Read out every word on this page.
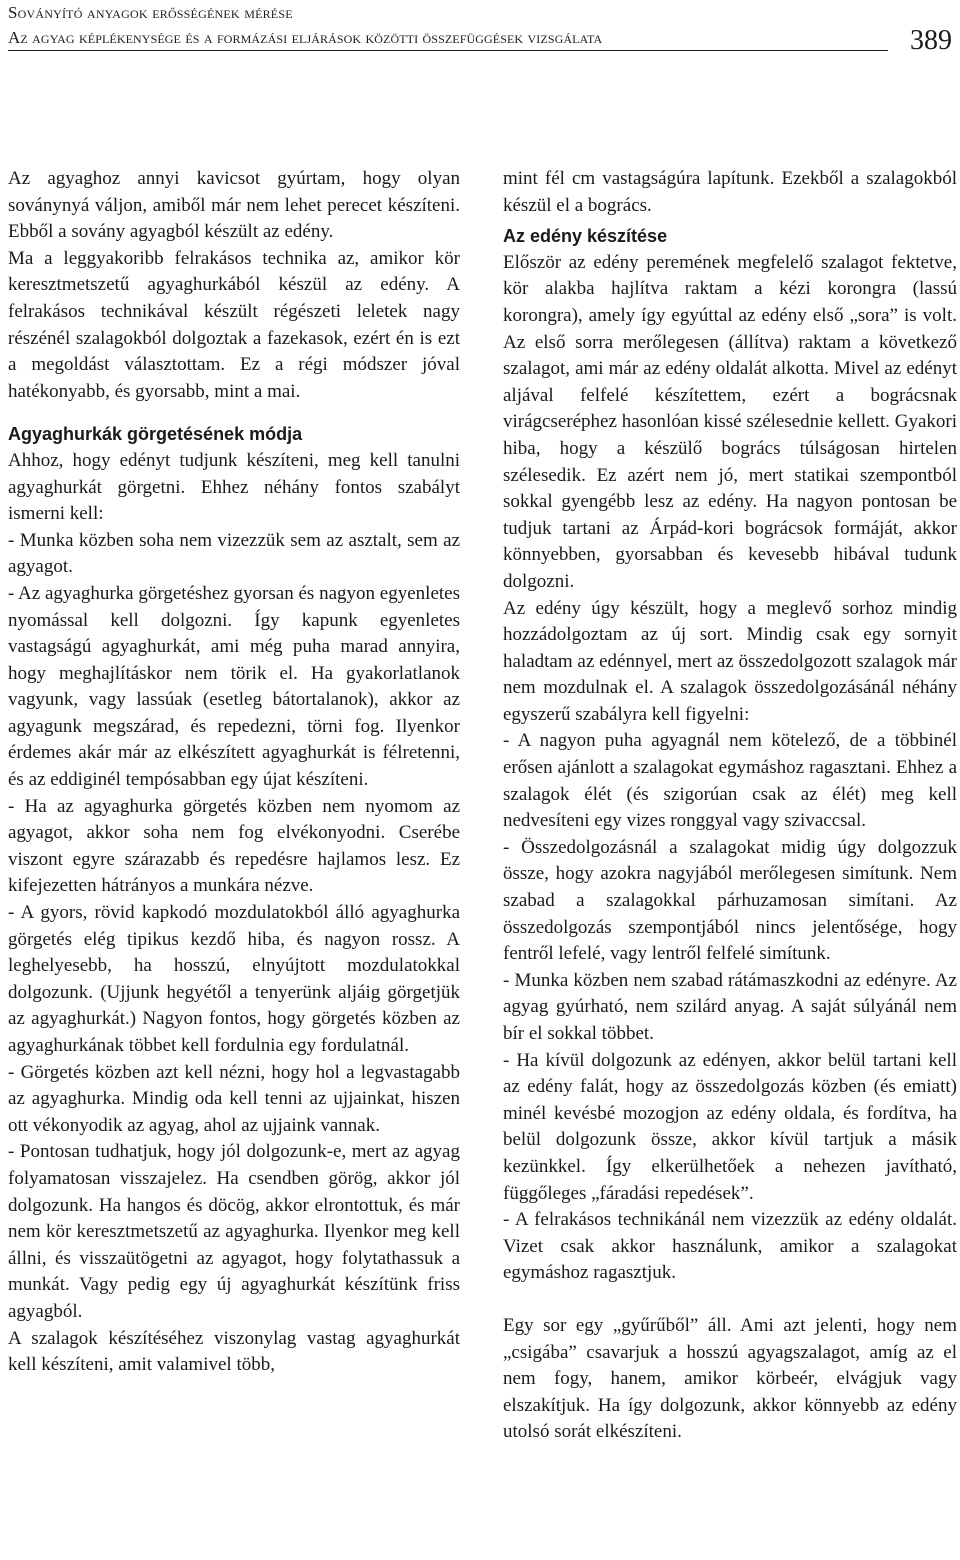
Soványító anyagok erősségének mérése
Az agyag képlékenysége és a formázási eljárások közötti összefüggések vizsgálata	389

Az agyaghoz annyi kavicsot gyúrtam, hogy olyan soványnyá váljon, amiből már nem lehet perecet készíteni. Ebből a sovány agyagból készült az edény.

Ma a leggyakoribb felrakásos technika az, amikor kör keresztmetszetű agyaghurkából készül az edény. A felrakásos technikával készült régészeti leletek nagy részénél szalagokból dolgoztak a fazekasok, ezért én is ezt a megoldást választottam. Ez a régi módszer jóval hatékonyabb, és gyorsabb, mint a mai.

Agyaghurkák görgetésének módja

Ahhoz, hogy edényt tudjunk készíteni, meg kell tanulni agyaghurkát görgetni. Ehhez néhány fontos szabályt ismerni kell:

- Munka közben soha nem vizezzük sem az asztalt, sem az agyagot.

- Az agyaghurka görgetéshez gyorsan és nagyon egyenletes nyomással kell dolgozni. Így kapunk egyenletes vastagságú agyaghurkát, ami még puha marad annyira, hogy meghajlításkor nem törik el. Ha gyakorlatlanok vagyunk, vagy lassúak (esetleg bátortalanok), akkor az agyagunk megszárad, és repedezni, törni fog. Ilyenkor érdemes akár már az elkészített agyaghurkát is félretenni, és az eddiginél tempósabban egy újat készíteni.

- Ha az agyaghurka görgetés közben nem nyomom az agyagot, akkor soha nem fog elvékonyodni. Cserébe viszont egyre szárazabb és repedésre hajlamos lesz. Ez kifejezetten hátrányos a munkára nézve.

- A gyors, rövid kapkodó mozdulatokból álló agyaghurka görgetés elég tipikus kezdő hiba, és nagyon rossz. A leghelyesebb, ha hosszú, elnyújtott mozdulatokkal dolgozunk. (Ujjunk hegyétől a tenyerünk aljáig görgetjük az agyaghurkát.) Nagyon fontos, hogy görgetés közben az agyaghurkának többet kell fordulnia egy fordulatnál.

- Görgetés közben azt kell nézni, hogy hol a legvastagabb az agyaghurka. Mindig oda kell tenni az ujjainkat, hiszen ott vékonyodik az agyag, ahol az ujjaink vannak.

- Pontosan tudhatjuk, hogy jól dolgozunk-e, mert az agyag folyamatosan visszajelez. Ha csendben görög, akkor jól dolgozunk. Ha hangos és döcög, akkor elrontottuk, és már nem kör keresztmetszetű az agyaghurka. Ilyenkor meg kell állni, és visszaütögetni az agyagot, hogy folytathassuk a munkát. Vagy pedig egy új agyaghurkát készítünk friss agyagból.

A szalagok készítéséhez viszonylag vastag agyaghurkát kell készíteni, amit valamivel több,

mint fél cm vastagságúra lapítunk. Ezekből a szalagokból készül el a bogrács.

Az edény készítése

Először az edény peremének megfelelő szalagot fektetve, kör alakba hajlítva raktam a kézi korongra (lassú korongra), amely így egyúttal az edény első „sora” is volt. Az első sorra merőlegesen (állítva) raktam a következő szalagot, ami már az edény oldalát alkotta. Mivel az edényt aljával felfelé készítettem, ezért a bográcsnak virágcseréphez hasonlóan kissé szélesednie kellett. Gyakori hiba, hogy a készülő bogrács túlságosan hirtelen szélesedik. Ez azért nem jó, mert statikai szempontból sokkal gyengébb lesz az edény. Ha nagyon pontosan be tudjuk tartani az Árpád-kori bográcsok formáját, akkor könnyebben, gyorsabban és kevesebb hibával tudunk dolgozni.

Az edény úgy készült, hogy a meglevő sorhoz mindig hozzádolgoztam az új sort. Mindig csak egy sornyit haladtam az edénnyel, mert az összedolgozott szalagok már nem mozdulnak el. A szalagok összedolgozásánál néhány egyszerű szabályra kell figyelni:

- A nagyon puha agyagnál nem kötelező, de a többinél erősen ajánlott a szalagokat egymáshoz ragasztani. Ehhez a szalagok élét (és szigorúan csak az élét) meg kell nedvesíteni egy vizes ronggyal vagy szivaccsal.

- Összedolgozásnál a szalagokat midig úgy dolgozzuk össze, hogy azokra nagyjából merőlegesen simítunk. Nem szabad a szalagokkal párhuzamosan simítani. Az összedolgozás szempontjából nincs jelentősége, hogy fentről lefelé, vagy lentről felfelé simítunk.

- Munka közben nem szabad rátámaszkodni az edényre. Az agyag gyúrható, nem szilárd anyag. A saját súlyánál nem bír el sokkal többet.

- Ha kívül dolgozunk az edényen, akkor belül tartani kell az edény falát, hogy az összedolgozás közben (és emiatt) minél kevésbé mozogjon az edény oldala, és fordítva, ha belül dolgozunk össze, akkor kívül tartjuk a másik kezünkkel. Így elkerülhetőek a nehezen javítható, függőleges „fáradási repedések”.

- A felrakásos technikánál nem vizezzük az edény oldalát. Vizet csak akkor használunk, amikor a szalagokat egymáshoz ragasztjuk.

Egy sor egy „gyűrűből” áll. Ami azt jelenti, hogy nem „csigába” csavarjuk a hosszú agyagszalagot, amíg az el nem fogy, hanem, amikor körbeér, elvágjuk vagy elszakítjuk. Ha így dolgozunk, akkor könnyebb az edény utolsó sorát elkészíteni.
